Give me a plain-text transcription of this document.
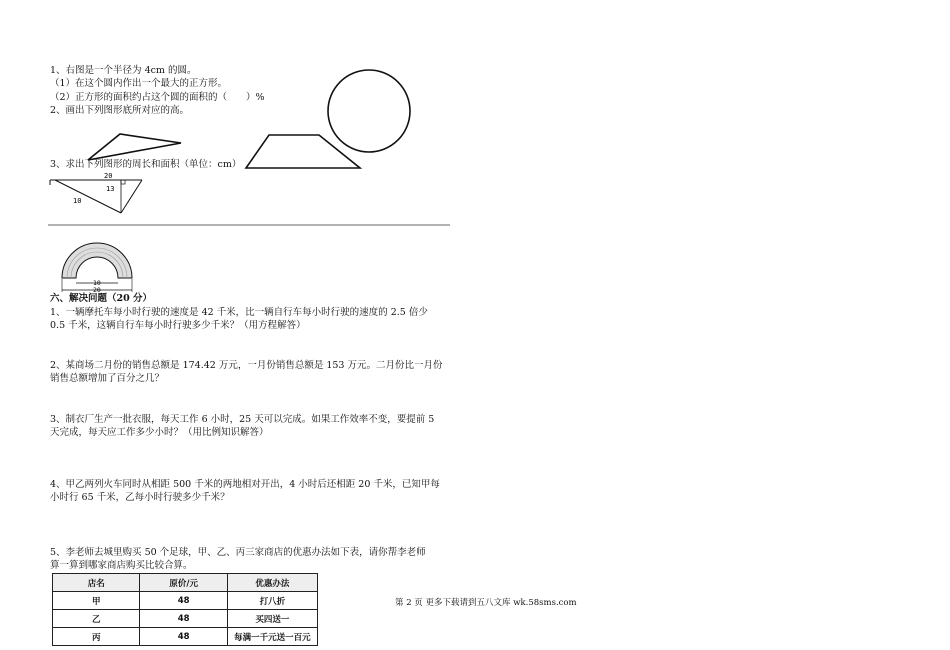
1、右图是一个半径为 4cm 的圆。
（1）在这个圆内作出一个最大的正方形。
（2）正方形的面积约占这个圆的面积的（　　）%
2、画出下列图形底所对应的高。
3、求出下列图形的周长和面积（单位：cm）
20
13
10
10
20
六、解决问题（20 分）
1、一辆摩托车每小时行驶的速度是 42 千米，比一辆自行车每小时行驶的速度的 2.5 倍少
0.5 千米，这辆自行车每小时行驶多少千米？（用方程解答）
2、某商场二月份的销售总额是 174.42 万元，一月份销售总额是 153 万元。二月份比一月份
销售总额增加了百分之几？
3、制衣厂生产一批衣服，每天工作 6 小时，25 天可以完成。如果工作效率不变，要提前 5
天完成，每天应工作多少小时？（用比例知识解答）
4、甲乙两列火车同时从相距 500 千米的两地相对开出，4 小时后还相距 20 千米，已知甲每
小时行 65 千米，乙每小时行驶多少千米？
5、李老师去城里购买 50 个足球，甲、乙、丙三家商店的优惠办法如下表，请你帮李老师
算一算到哪家商店购买比较合算。
店名	原价/元	优惠办法
甲	48	打八折
乙	48	买四送一
丙	48	每满一千元送一百元
第 2 页 更多下载请到五八文库 wk.58sms.com
